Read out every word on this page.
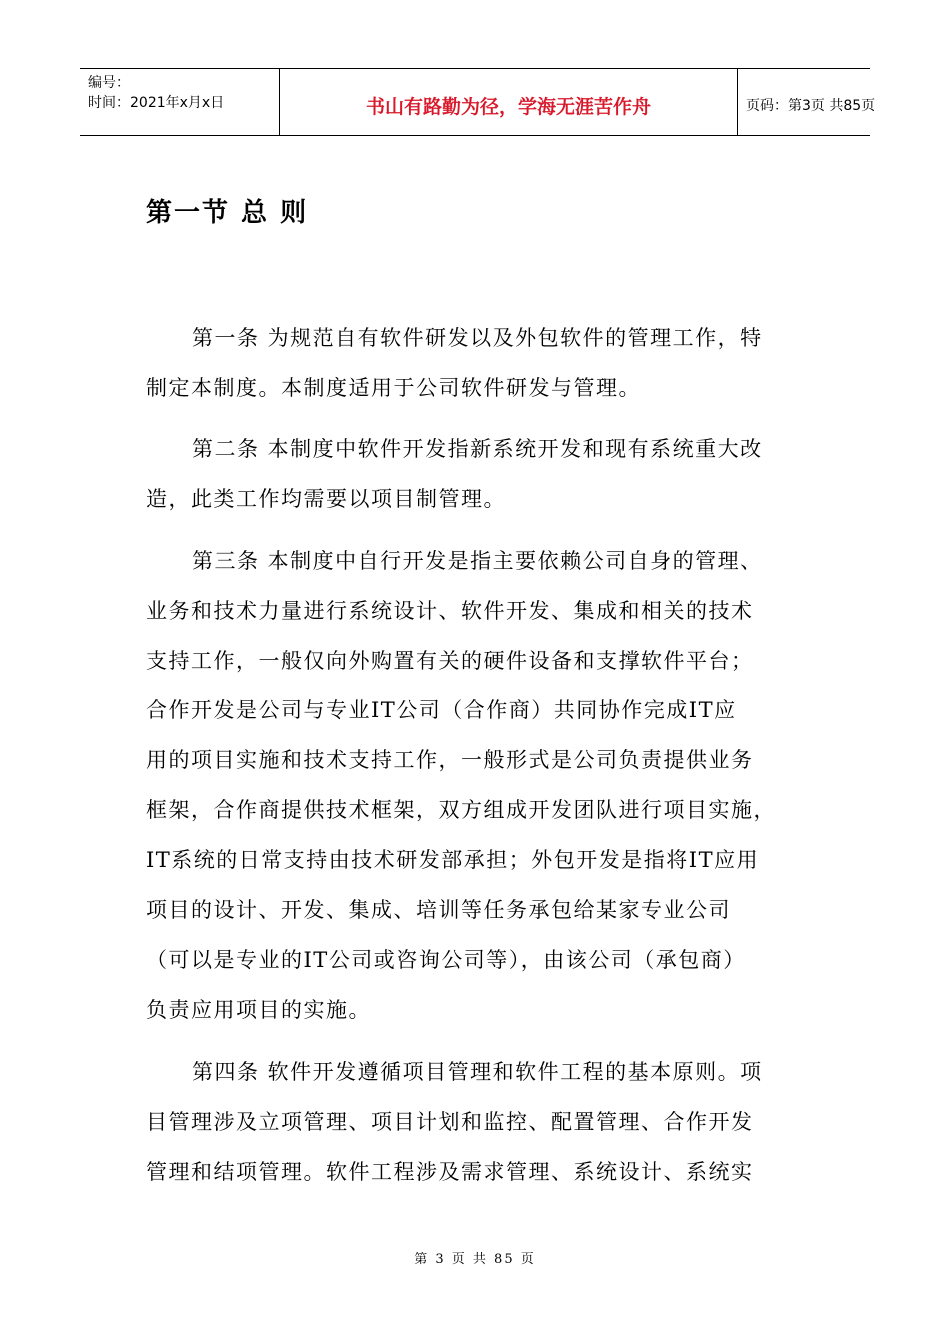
编号：
时间：2021年x月x日	书山有路勤为径，学海无涯苦作舟	页码：第3页 共85页
第一节 总 则
第一条 为规范自有软件研发以及外包软件的管理工作，特
制定本制度。本制度适用于公司软件研发与管理。
第二条 本制度中软件开发指新系统开发和现有系统重大改
造，此类工作均需要以项目制管理。
第三条 本制度中自行开发是指主要依赖公司自身的管理、
业务和技术力量进行系统设计、软件开发、集成和相关的技术
支持工作，一般仅向外购置有关的硬件设备和支撑软件平台；
合作开发是公司与专业IT公司（合作商）共同协作完成IT应
用的项目实施和技术支持工作，一般形式是公司负责提供业务
框架，合作商提供技术框架，双方组成开发团队进行项目实施，
IT系统的日常支持由技术研发部承担；外包开发是指将IT应用
项目的设计、开发、集成、培训等任务承包给某家专业公司
（可以是专业的IT公司或咨询公司等），由该公司（承包商）
负责应用项目的实施。
第四条 软件开发遵循项目管理和软件工程的基本原则。项
目管理涉及立项管理、项目计划和监控、配置管理、合作开发
管理和结项管理。软件工程涉及需求管理、系统设计、系统实
第 3 页 共 85 页
